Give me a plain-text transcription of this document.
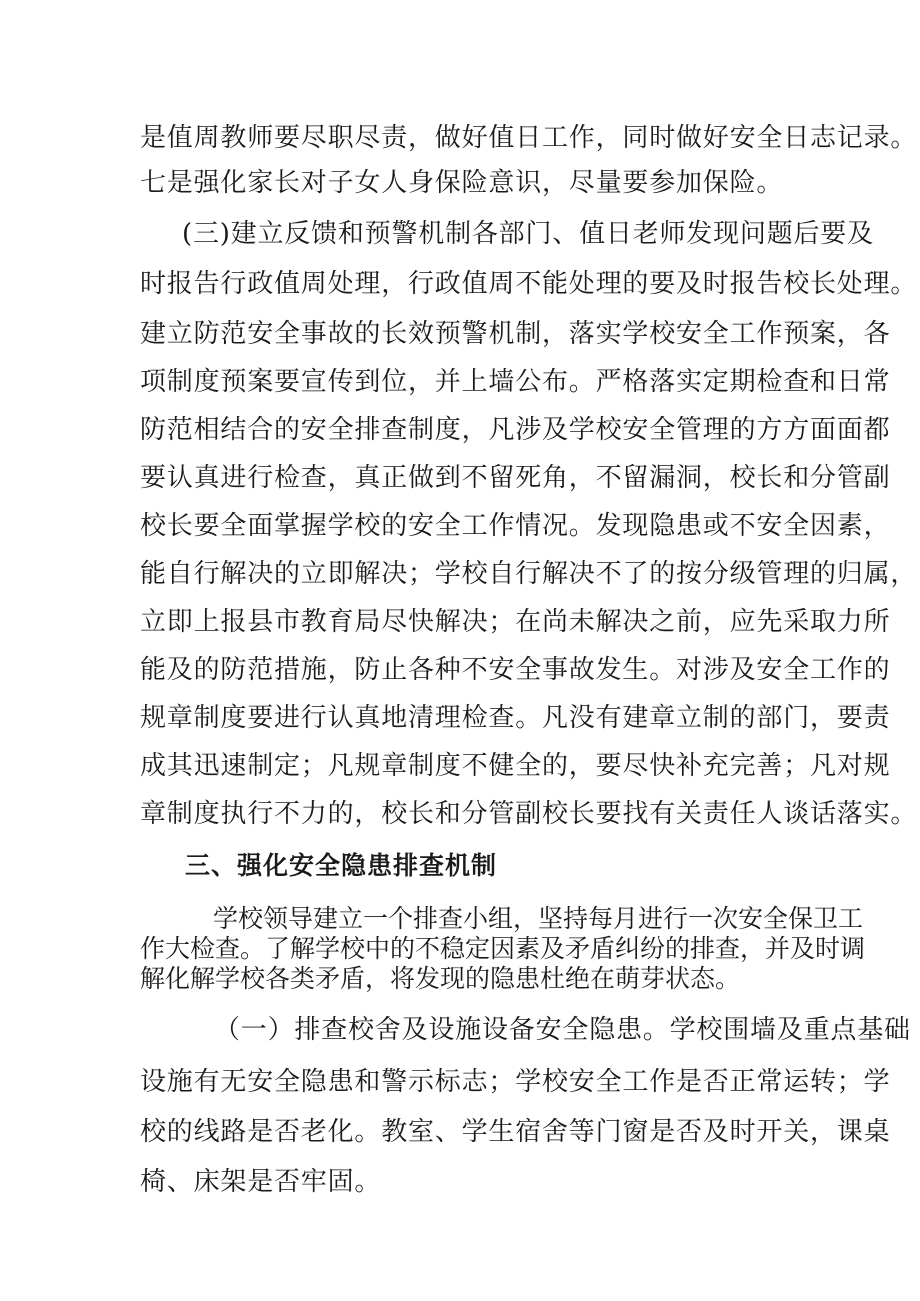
是值周教师要尽职尽责，做好值日工作，同时做好安全日志记录。
七是强化家长对子女人身保险意识，尽量要参加保险。
(三)建立反馈和预警机制各部门、值日老师发现问题后要及
时报告行政值周处理，行政值周不能处理的要及时报告校长处理。
建立防范安全事故的长效预警机制，落实学校安全工作预案，各
项制度预案要宣传到位，并上墙公布。严格落实定期检查和日常
防范相结合的安全排查制度，凡涉及学校安全管理的方方面面都
要认真进行检查，真正做到不留死角，不留漏洞，校长和分管副
校长要全面掌握学校的安全工作情况。发现隐患或不安全因素，
能自行解决的立即解决；学校自行解决不了的按分级管理的归属，
立即上报县市教育局尽快解决；在尚未解决之前，应先采取力所
能及的防范措施，防止各种不安全事故发生。对涉及安全工作的
规章制度要进行认真地清理检查。凡没有建章立制的部门，要责
成其迅速制定；凡规章制度不健全的，要尽快补充完善；凡对规
章制度执行不力的，校长和分管副校长要找有关责任人谈话落实。
三、强化安全隐患排查机制
学校领导建立一个排查小组，坚持每月进行一次安全保卫工
作大检查。了解学校中的不稳定因素及矛盾纠纷的排查，并及时调
解化解学校各类矛盾，将发现的隐患杜绝在萌芽状态。
（一）排查校舍及设施设备安全隐患。学校围墙及重点基础
设施有无安全隐患和警示标志；学校安全工作是否正常运转；学
校的线路是否老化。教室、学生宿舍等门窗是否及时开关，课桌
椅、床架是否牢固。
